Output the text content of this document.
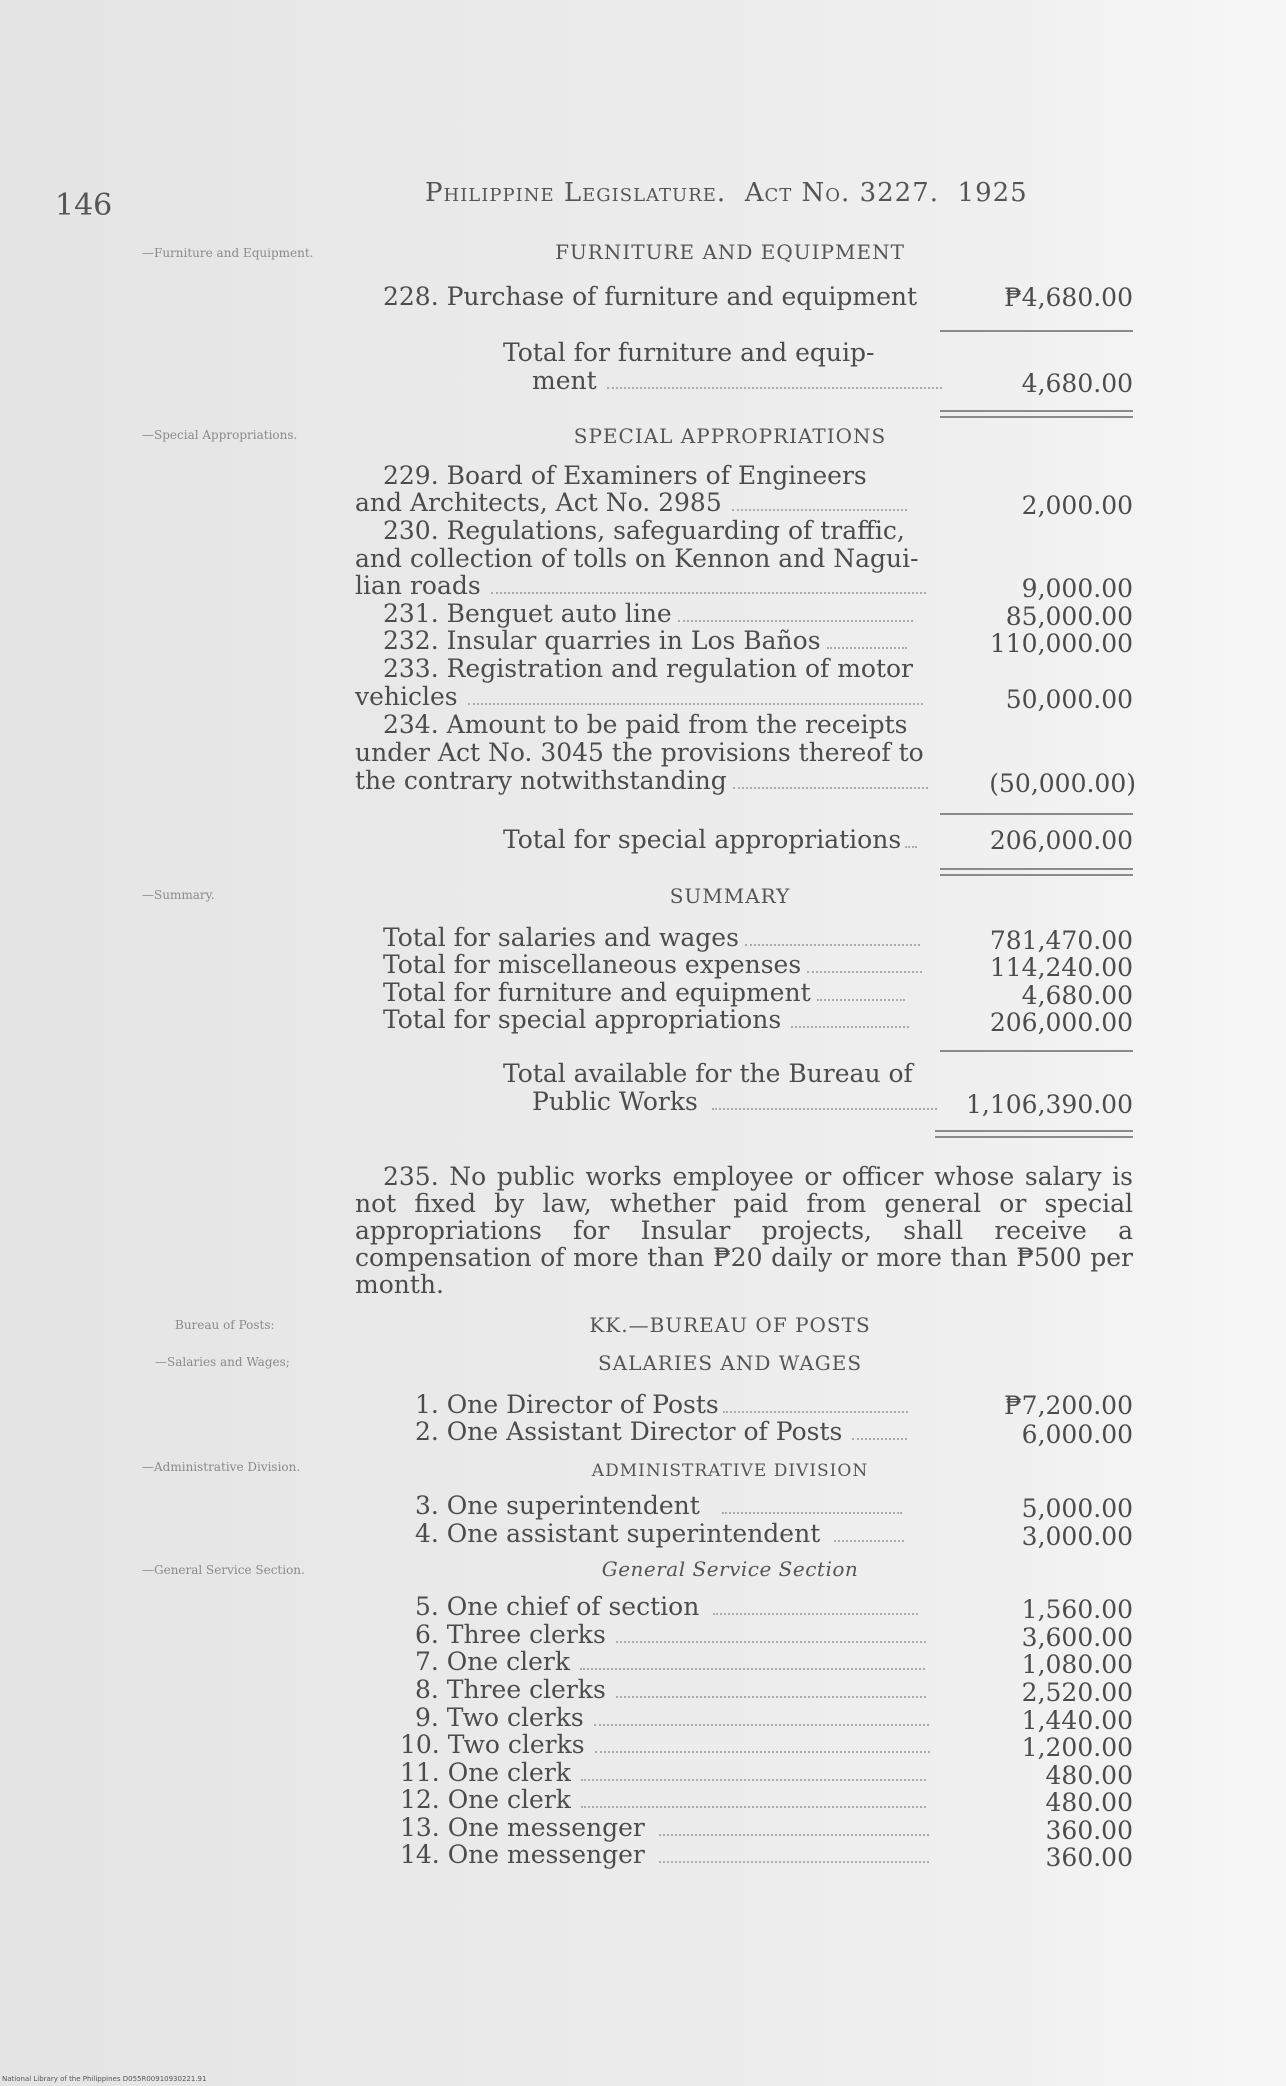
146	Philippine Legislature. Act No. 3227. 1925
—Furniture and Equipment.
—Special Appropriations.
—Summary.
Bureau of Posts:
—Salaries and Wages;
—Administrative Division.
—General Service Section.
FURNITURE AND EQUIPMENT
228. Purchase of furniture and equipment	₱4,680.00
Total for furniture and equip-
ment	4,680.00
SPECIAL APPROPRIATIONS
229. Board of Examiners of Engineers
and Architects, Act No. 2985	2,000.00
230. Regulations, safeguarding of traffic,
and collection of tolls on Kennon and Nagui-
lian roads	9,000.00
231. Benguet auto line	85,000.00
232. Insular quarries in Los Baños	110,000.00
233. Registration and regulation of motor
vehicles	50,000.00
234. Amount to be paid from the receipts
under Act No. 3045 the provisions thereof to
the contrary notwithstanding	(50,000.00)
Total for special appropriations	206,000.00
SUMMARY
Total for salaries and wages	781,470.00
Total for miscellaneous expenses	114,240.00
Total for furniture and equipment	4,680.00
Total for special appropriations	206,000.00
Total available for the Bureau of
Public Works	1,106,390.00
235. No public works employee or officer whose salary is not fixed by law, whether paid from general or special appropriations for Insular projects, shall receive a compensation of more than ₱20 daily or more than ₱500 per month.
KK.—BUREAU OF POSTS
SALARIES AND WAGES
1. One Director of Posts	₱7,200.00
2. One Assistant Director of Posts	6,000.00
ADMINISTRATIVE DIVISION
3. One superintendent	5,000.00
4. One assistant superintendent	3,000.00
General Service Section
5. One chief of section	1,560.00
6. Three clerks	3,600.00
7. One clerk	1,080.00
8. Three clerks	2,520.00
9. Two clerks	1,440.00
10. Two clerks	1,200.00
11. One clerk	480.00
12. One clerk	480.00
13. One messenger	360.00
14. One messenger	360.00
National Library of the Philippines D055R00910930221.91
